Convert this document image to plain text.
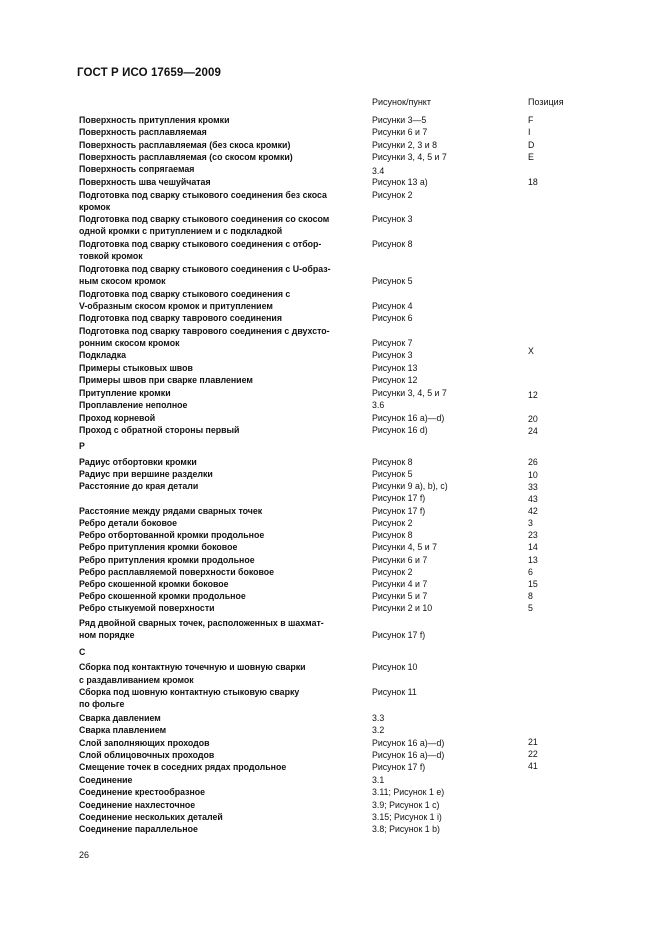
ГОСТ Р ИСО 17659—2009
Рисунок/пункт	Позиция
Поверхность притупления кромки	Рисунки 3—5	F
Поверхность расплавляемая	Рисунки 6 и 7	I
Поверхность расплавляемая (без скоса кромки)	Рисунки 2, 3 и 8	D
Поверхность расплавляемая (со скосом кромки)	Рисунки 3, 4, 5 и 7	E
Поверхность сопрягаемая	3.4
Поверхность шва чешуйчатая	Рисунок 13 а)	18
Подготовка под сварку стыкового соединения без скоса	Рисунок 2
кромок
Подготовка под сварку стыкового соединения со скосом	Рисунок 3
одной кромки с притуплением и с подкладкой
Подготовка под сварку стыкового соединения с отбор-	Рисунок 8
товкой кромок
Подготовка под сварку стыкового соединения с U-образ-
ным скосом кромок	Рисунок 5
Подготовка под сварку стыкового соединения с
V-образным скосом кромок и притуплением	Рисунок 4
Подготовка под сварку таврового соединения	Рисунок 6
Подготовка под сварку таврового соединения с двухсто-
ронним скосом кромок	Рисунок 7
Подкладка	Рисунок 3	X
Примеры стыковых швов	Рисунок 13
Примеры швов при сварке плавлением	Рисунок 12
Притупление кромки	Рисунки 3, 4, 5 и 7	12
Проплавление неполное	3.6
Проход корневой	Рисунок 16 а)—d)	20
Проход с обратной стороны первый	Рисунок 16 d)	24
Р
Радиус отбортовки кромки	Рисунок 8	26
Радиус при вершине разделки	Рисунок 5	10
Расстояние до края детали	Рисунки 9 а), b), c)	33
Рисунок 17 f)	43
Расстояние между рядами сварных точек	Рисунок 17 f)	42
Ребро детали боковое	Рисунок 2	3
Ребро отбортованной кромки продольное	Рисунок 8	23
Ребро притупления кромки боковое	Рисунки 4, 5 и 7	14
Ребро притупления кромки продольное	Рисунки 6 и 7	13
Ребро расплавляемой поверхности боковое	Рисунок 2	6
Ребро скошенной кромки боковое	Рисунки 4 и 7	15
Ребро скошенной кромки продольное	Рисунки 5 и 7	8
Ребро стыкуемой поверхности	Рисунки 2 и 10	5
Ряд двойной сварных точек, расположенных в шахмат-
ном порядке	Рисунок 17 f)
С
Сборка под контактную точечную и шовную сварки	Рисунок 10
с раздавливанием кромок
Сборка под шовную контактную стыковую сварку	Рисунок 11
по фольге
Сварка давлением	3.3
Сварка плавлением	3.2
Слой заполняющих проходов	Рисунок 16 а)—d)	21
Слой облицовочных проходов	Рисунок 16 а)—d)	22
Смещение точек в соседних рядах продольное	Рисунок 17 f)	41
Соединение	3.1
Соединение крестообразное	3.11; Рисунок 1 е)
Соединение нахлесточное	3.9; Рисунок 1 с)
Соединение нескольких деталей	3.15; Рисунок 1 i)
Соединение параллельное	3.8; Рисунок 1 b)
26
